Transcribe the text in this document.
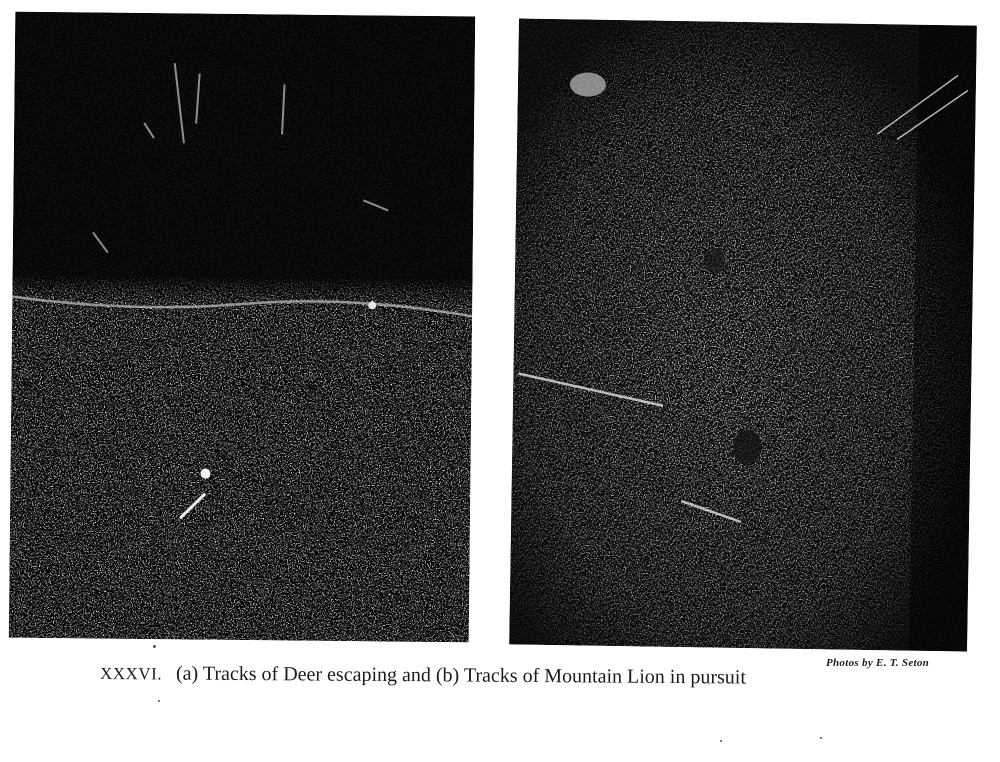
Photos by E. T. Seton
XXXVI. (a) Tracks of Deer escaping and (b) Tracks of Mountain Lion in pursuit
